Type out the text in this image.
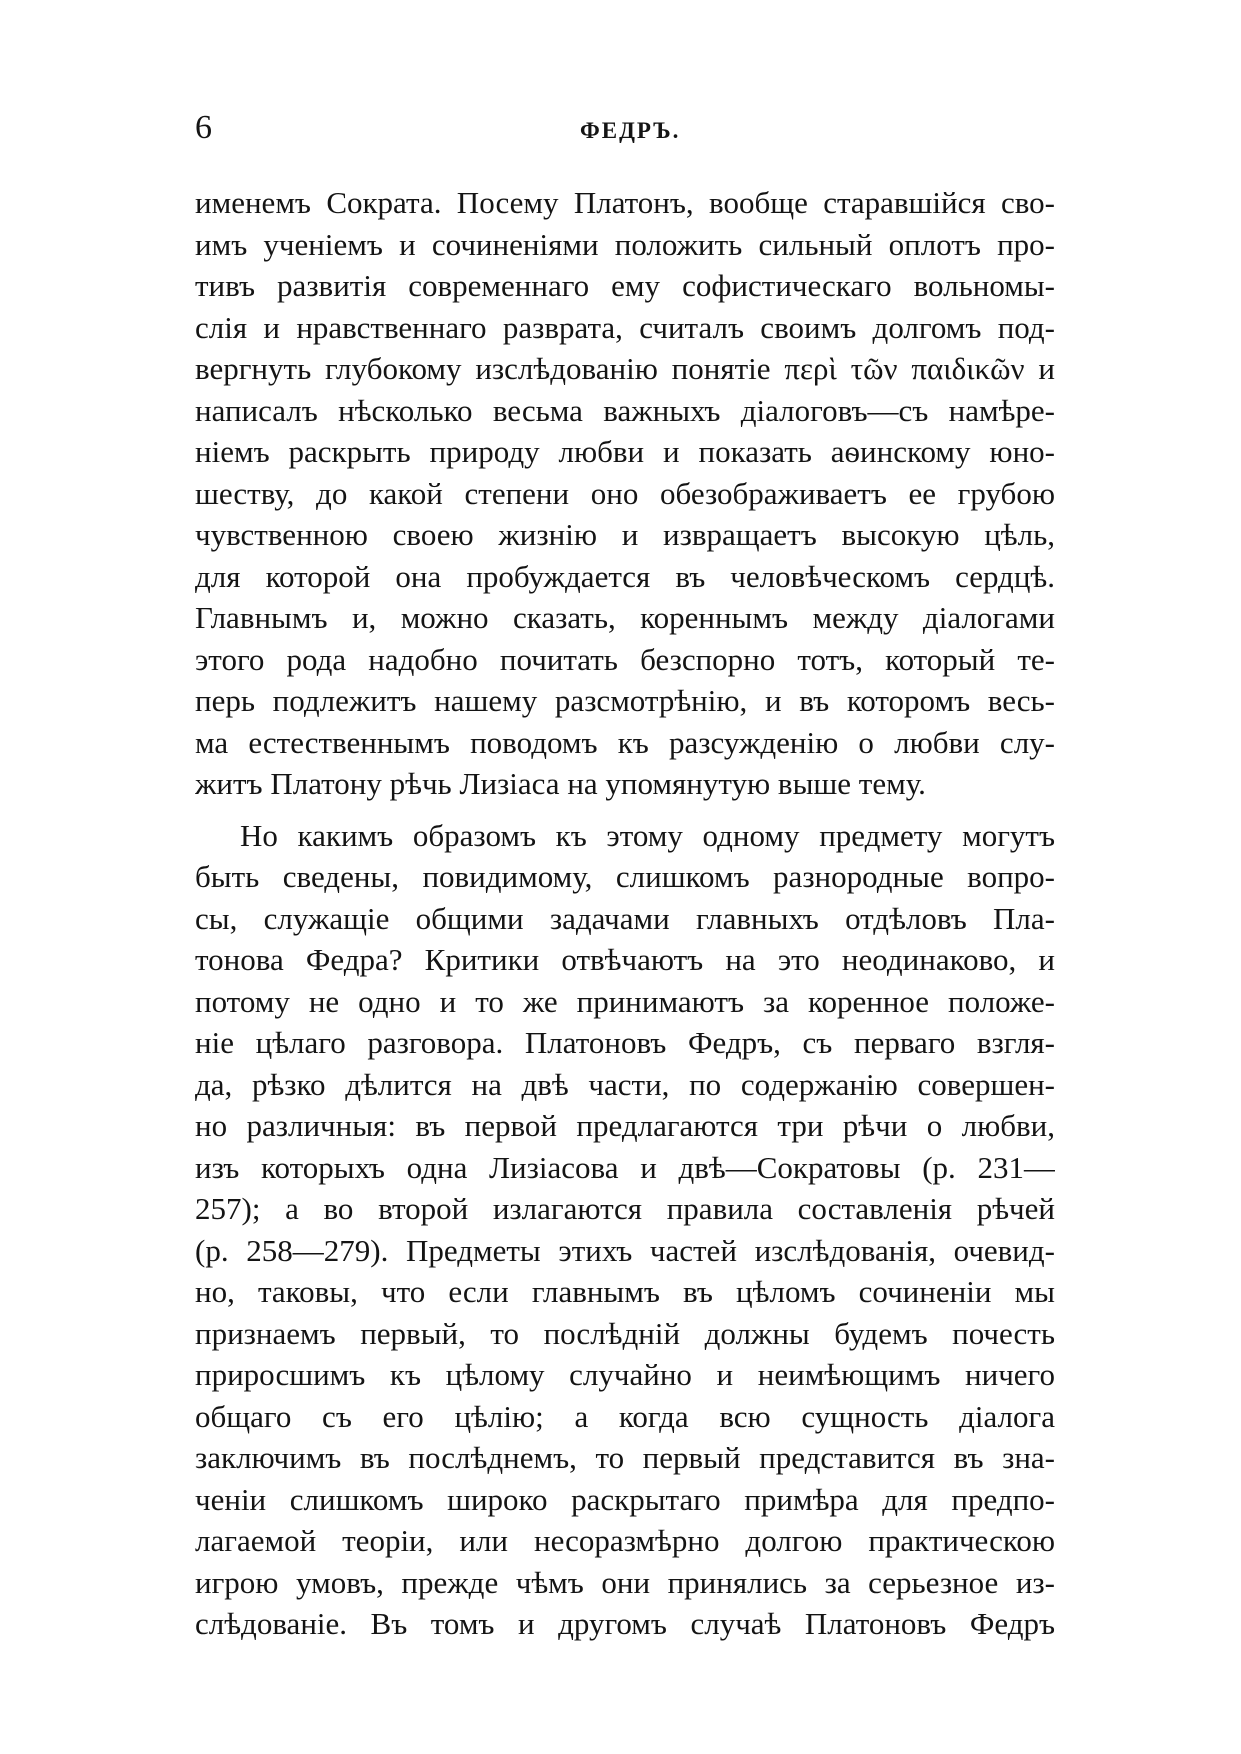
6	ФЕДРЪ.
именемъ Сократа. Посему Платонъ, вообще старавшійся сво-
имъ ученіемъ и сочиненіями положить сильный оплотъ про-
тивъ развитія современнаго ему софистическаго вольномы-
слія и нравственнаго разврата, считалъ своимъ долгомъ под-
вергнуть глубокому изслѣдованію понятіе περὶ τῶν παιδικῶν и
написалъ нѣсколько весьма важныхъ діалоговъ—съ намѣре-
ніемъ раскрыть природу любви и показать аѳинскому юно-
шеству, до какой степени оно обезображиваетъ ее грубою
чувственною своею жизнію и извращаетъ высокую цѣль,
для которой она пробуждается въ человѣческомъ сердцѣ.
Главнымъ и, можно сказать, кореннымъ между діалогами
этого рода надобно почитать безспорно тотъ, который те-
перь подлежитъ нашему разсмотрѣнію, и въ которомъ весь-
ма естественнымъ поводомъ къ разсужденію о любви слу-
житъ Платону рѣчь Лизіаса на упомянутую выше тему.
Но какимъ образомъ къ этому одному предмету могутъ
быть сведены, повидимому, слишкомъ разнородные вопро-
сы, служащіе общими задачами главныхъ отдѣловъ Пла-
тонова Федра? Критики отвѣчаютъ на это неодинаково, и
потому не одно и то же принимаютъ за коренное положе-
ніе цѣлаго разговора. Платоновъ Федръ, съ перваго взгля-
да, рѣзко дѣлится на двѣ части, по содержанію совершен-
но различныя: въ первой предлагаются три рѣчи о любви,
изъ которыхъ одна Лизіасова и двѣ—Сократовы (p. 231—
257); а во второй излагаются правила составленія рѣчей
(p. 258—279). Предметы этихъ частей изслѣдованія, очевид-
но, таковы, что если главнымъ въ цѣломъ сочиненіи мы
признаемъ первый, то послѣдній должны будемъ почесть
приросшимъ къ цѣлому случайно и неимѣющимъ ничего
общаго съ его цѣлію; а когда всю сущность діалога
заключимъ въ послѣднемъ, то первый представится въ зна-
ченіи слишкомъ широко раскрытаго примѣра для предпо-
лагаемой теоріи, или несоразмѣрно долгою практическою
игрою умовъ, прежде чѣмъ они принялись за серьезное из-
слѣдованіе. Въ томъ и другомъ случаѣ Платоновъ Федръ
